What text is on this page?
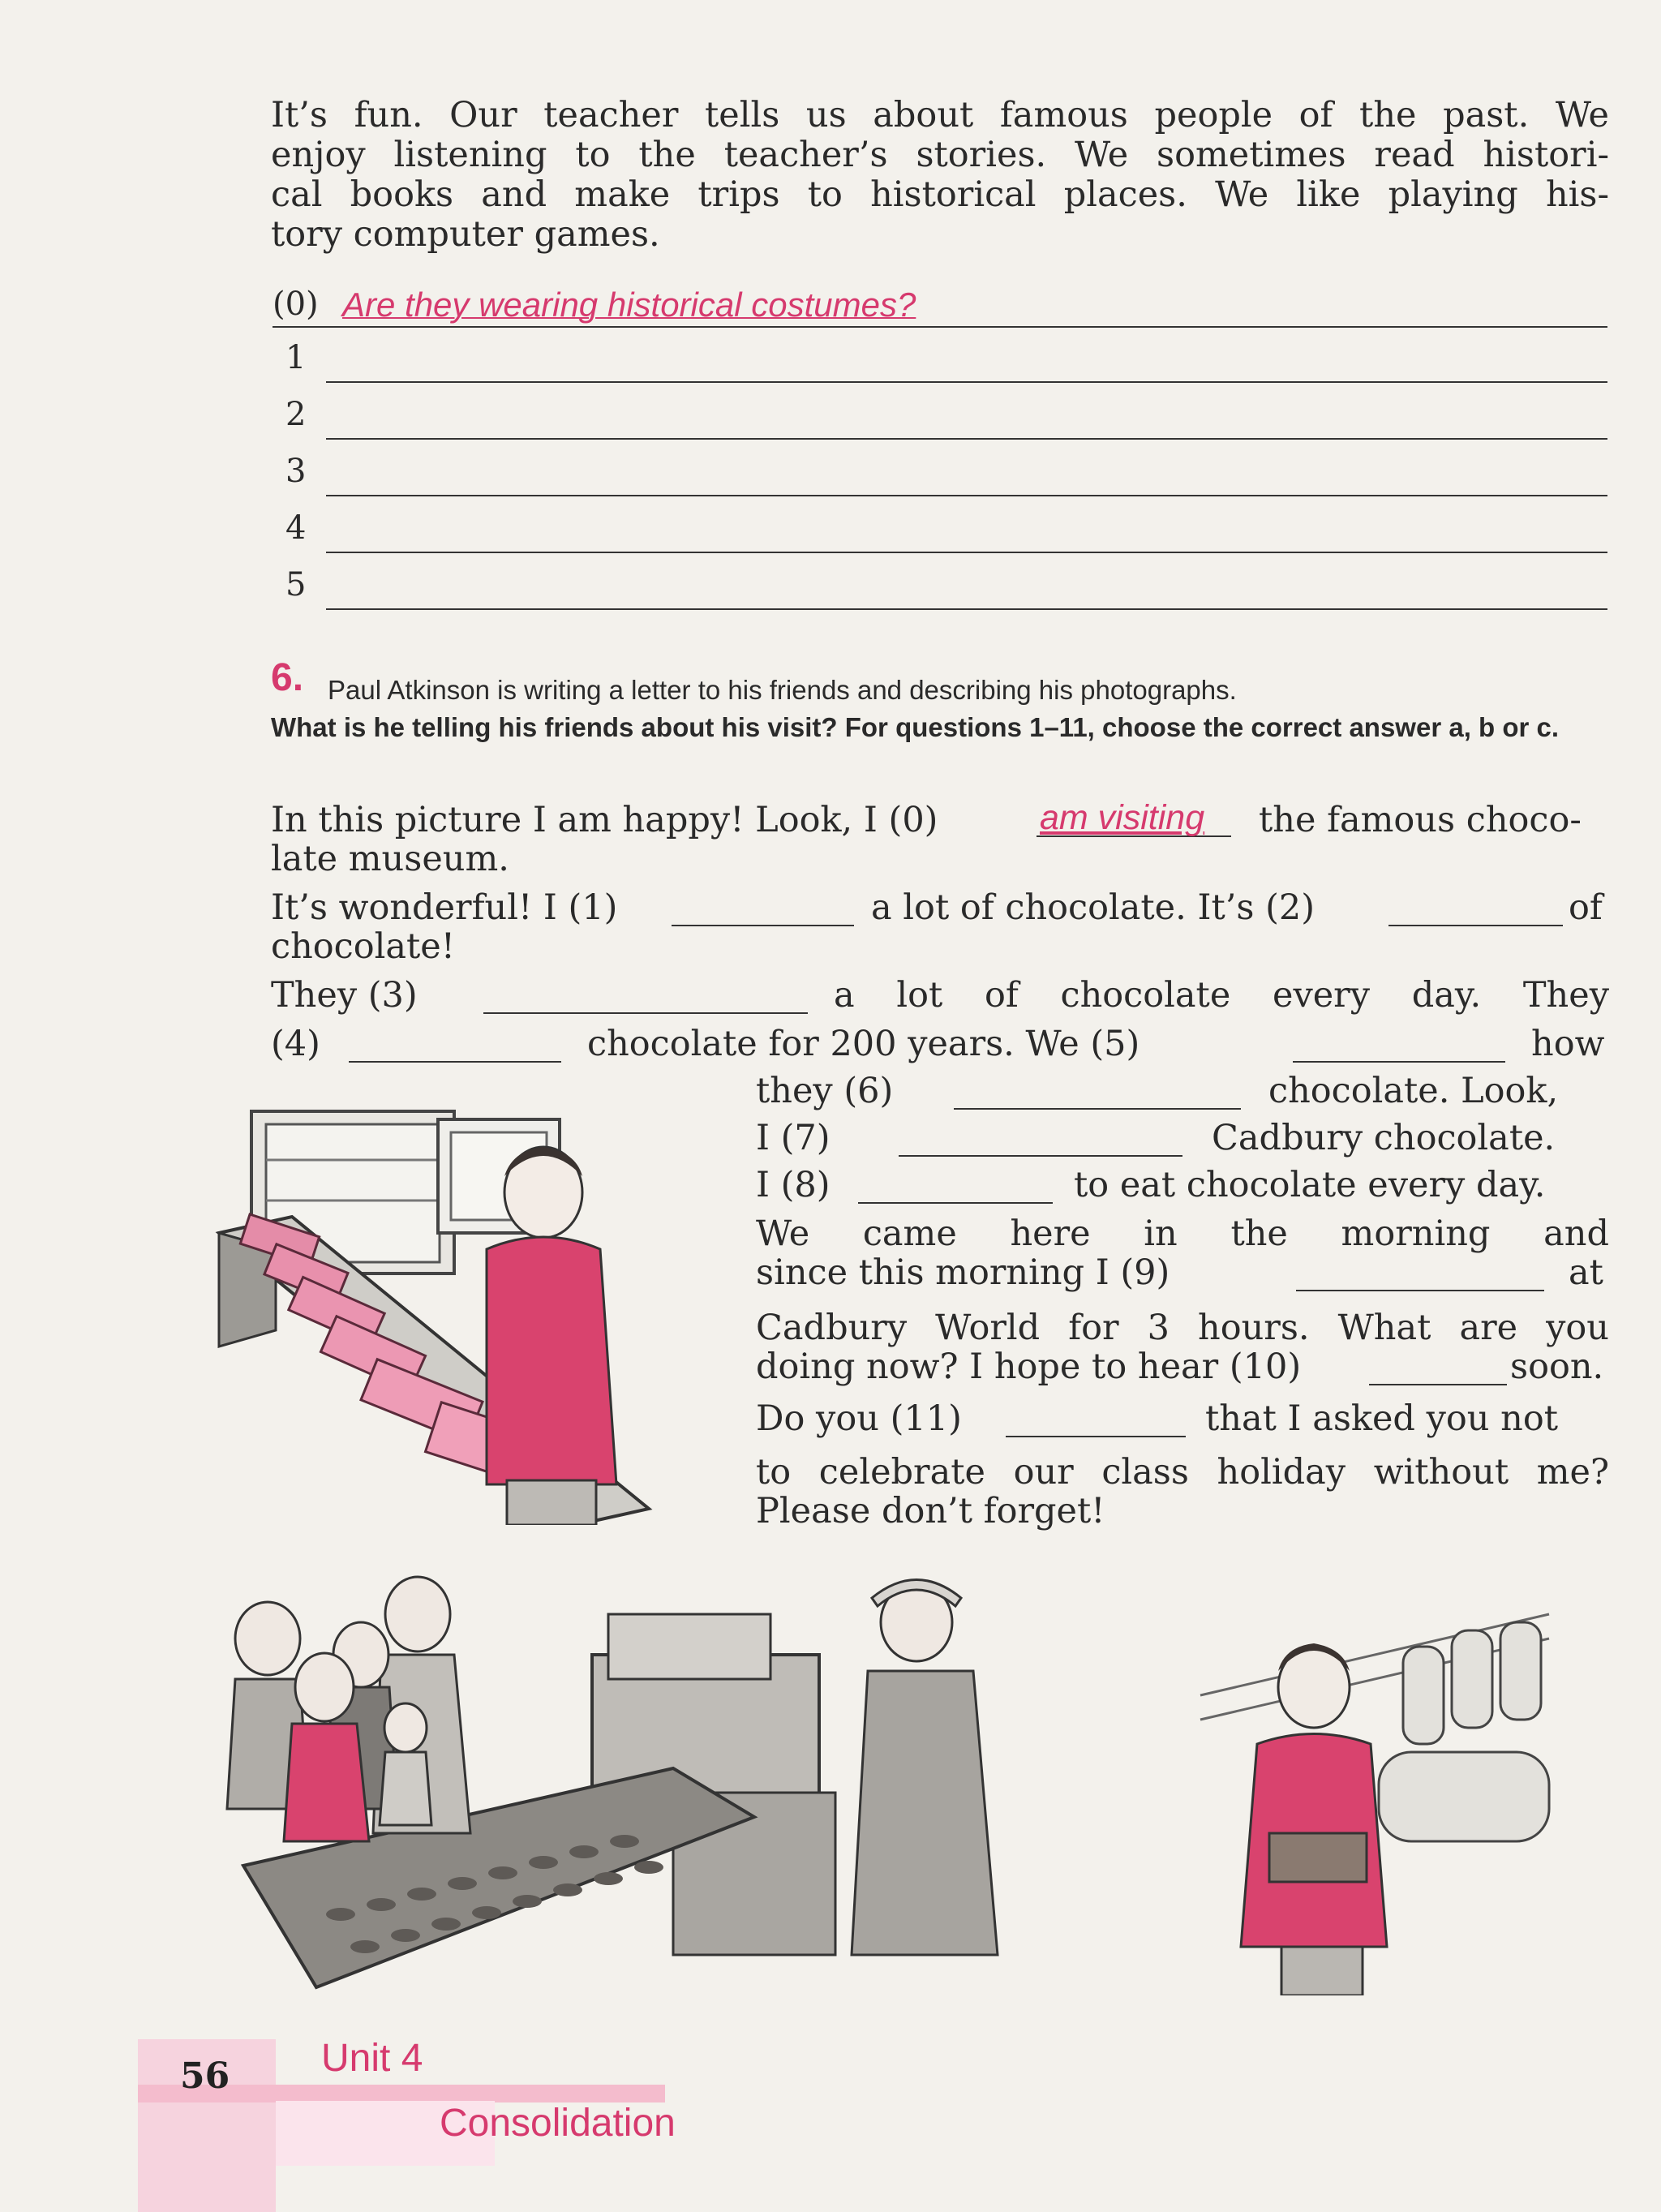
It’s fun. Our teacher tells us about famous people of the past. We
enjoy listening to the teacher’s stories. We sometimes read histori-
cal books and make trips to historical places. We like playing his-
tory computer games.
(0) Are they wearing historical costumes?
1
2
3
4
5
6. Paul Atkinson is writing a letter to his friends and describing his photographs.
What is he telling his friends about his visit? For questions 1–11, choose the correct answer a, b or c.
In this picture I am happy! Look, I (0)	am visiting the famous choco-
late museum.
It’s wonderful! I (1)	a lot of chocolate. It’s (2)	of
chocolate!
They (3)	a lot of chocolate every day. They
(4)	chocolate for 200 years. We (5)	how
they (6)	chocolate. Look,
I (7)	Cadbury chocolate.
I (8)	to eat chocolate every day.
We came here in the morning and
since this morning I (9)	at
Cadbury World for 3 hours. What are you
doing now? I hope to hear (10)	soon.
Do you (11)	that I asked you not
to celebrate our class holiday without me?
Please don’t forget!
56 Unit 4
Consolidation
